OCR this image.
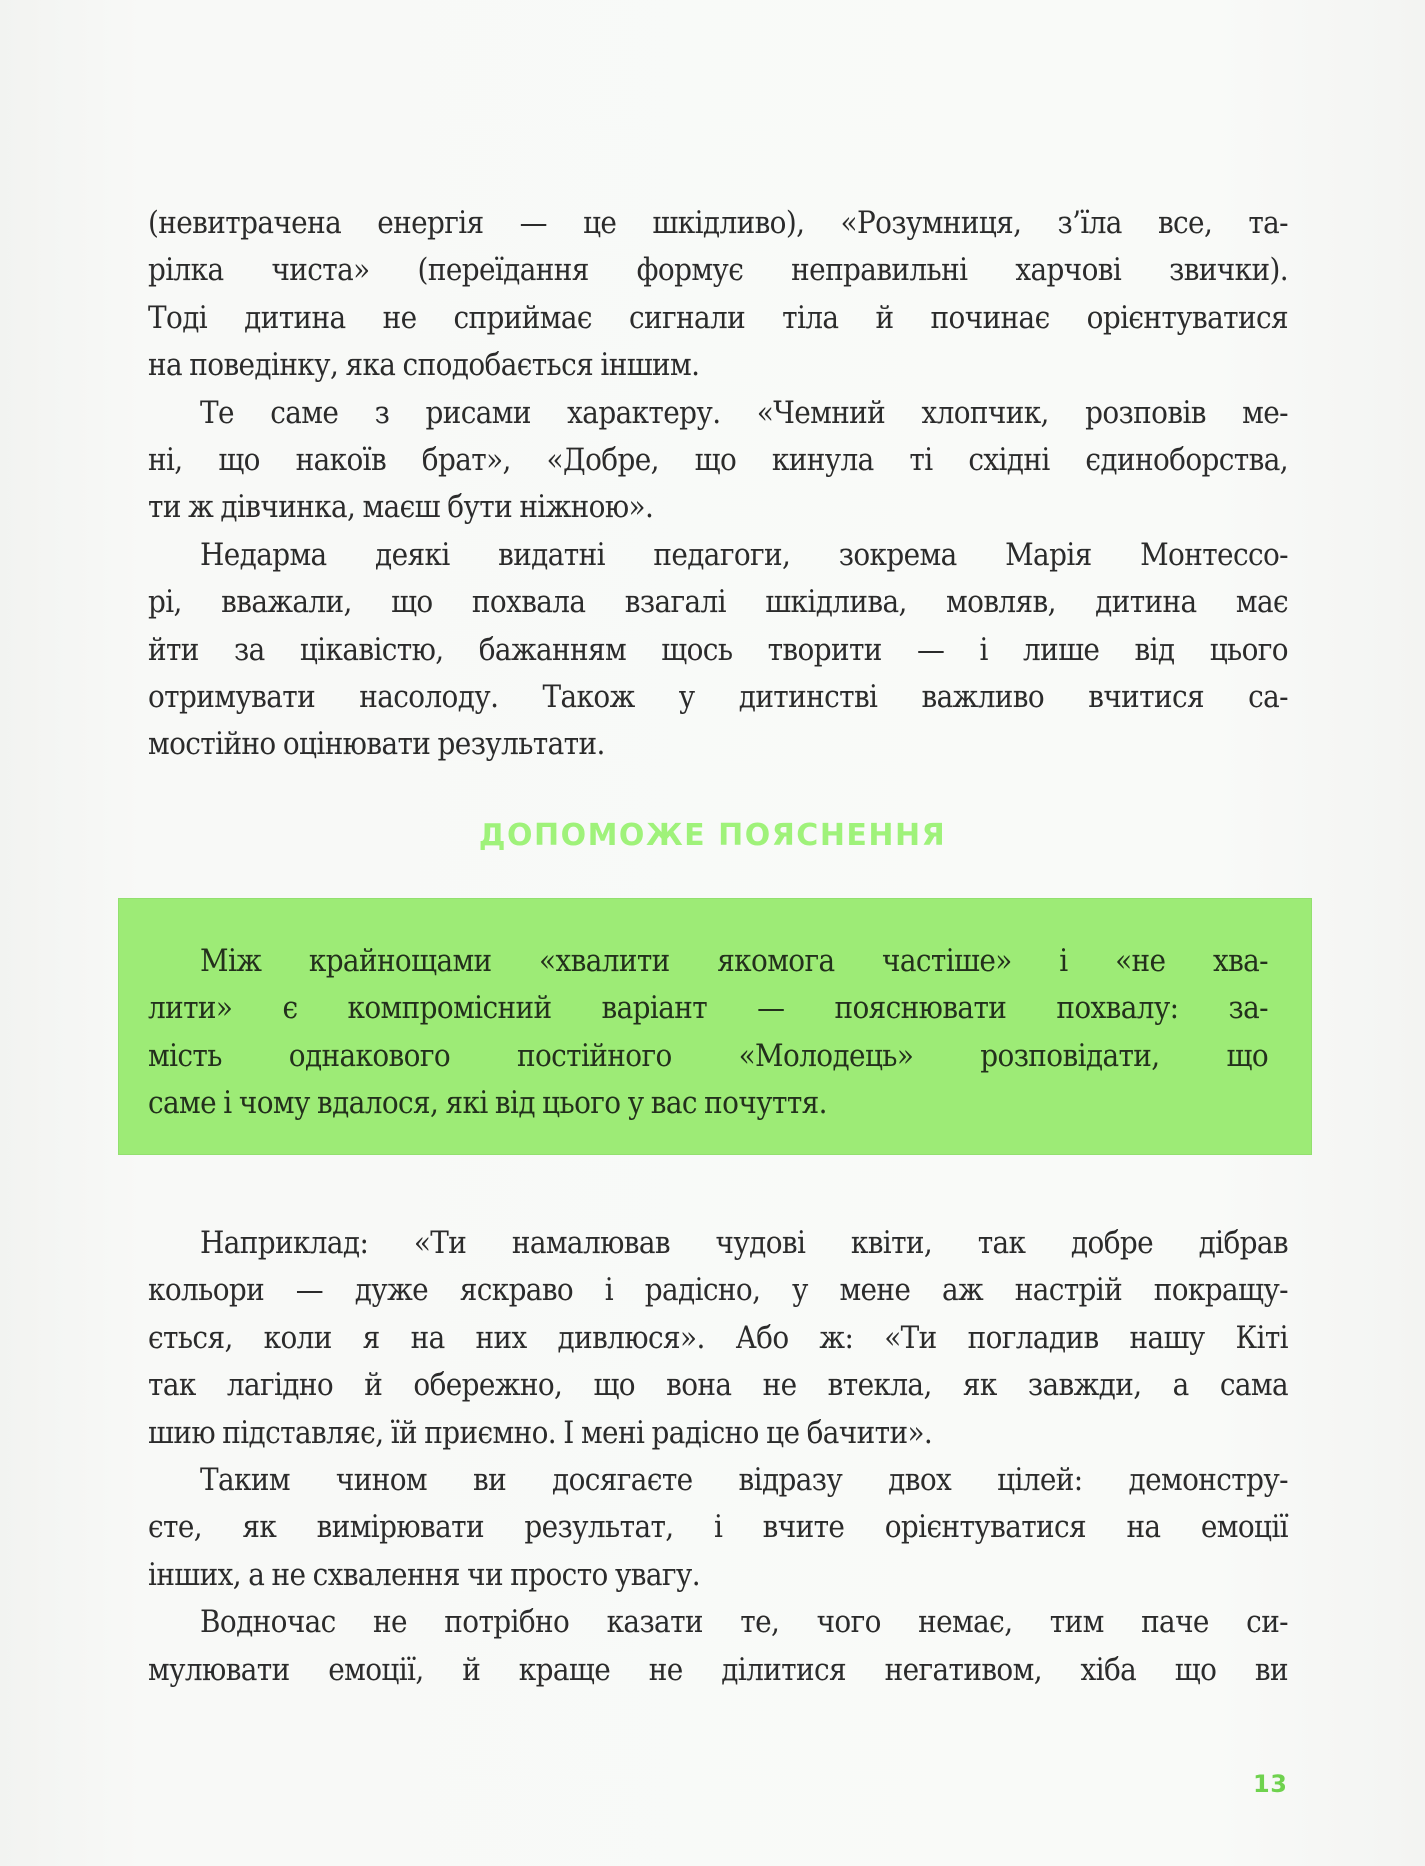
(невитрачена енергія — це шкідливо), «Розумниця, з’їла все, та-
рілка чиста» (переїдання формує неправильні харчові звички).
Тоді дитина не сприймає сигнали тіла й починає орієнтуватися
на поведінку, яка сподобається іншим.

Те саме з рисами характеру. «Чемний хлопчик, розповів ме-
ні, що накоїв брат», «Добре, що кинула ті східні єдиноборства,
ти ж дівчинка, маєш бути ніжною».

Недарма деякі видатні педагоги, зокрема Марія Монтессо-
рі, вважали, що похвала взагалі шкідлива, мовляв, дитина має
йти за цікавістю, бажанням щось творити — і лише від цього
отримувати насолоду. Також у дитинстві важливо вчитися са-
мостійно оцінювати результати.

ДОПОМОЖЕ ПОЯСНЕННЯ

Між крайнощами «хвалити якомога частіше» і «не хва-
лити» є компромісний варіант — пояснювати похвалу: за-
мість однакового постійного «Молодець» розповідати, що
саме і чому вдалося, які від цього у вас почуття.

Наприклад: «Ти намалював чудові квіти, так добре дібрав
кольори — дуже яскраво і радісно, у мене аж настрій покращу-
ється, коли я на них дивлюся». Або ж: «Ти погладив нашу Кіті
так лагідно й обережно, що вона не втекла, як завжди, а сама
шию підставляє, їй приємно. І мені радісно це бачити».

Таким чином ви досягаєте відразу двох цілей: демонстру-
єте, як вимірювати результат, і вчите орієнтуватися на емоції
інших, а не схвалення чи просто увагу.

Водночас не потрібно казати те, чого немає, тим паче си-
мулювати емоції, й краще не ділитися негативом, хіба що ви

13
